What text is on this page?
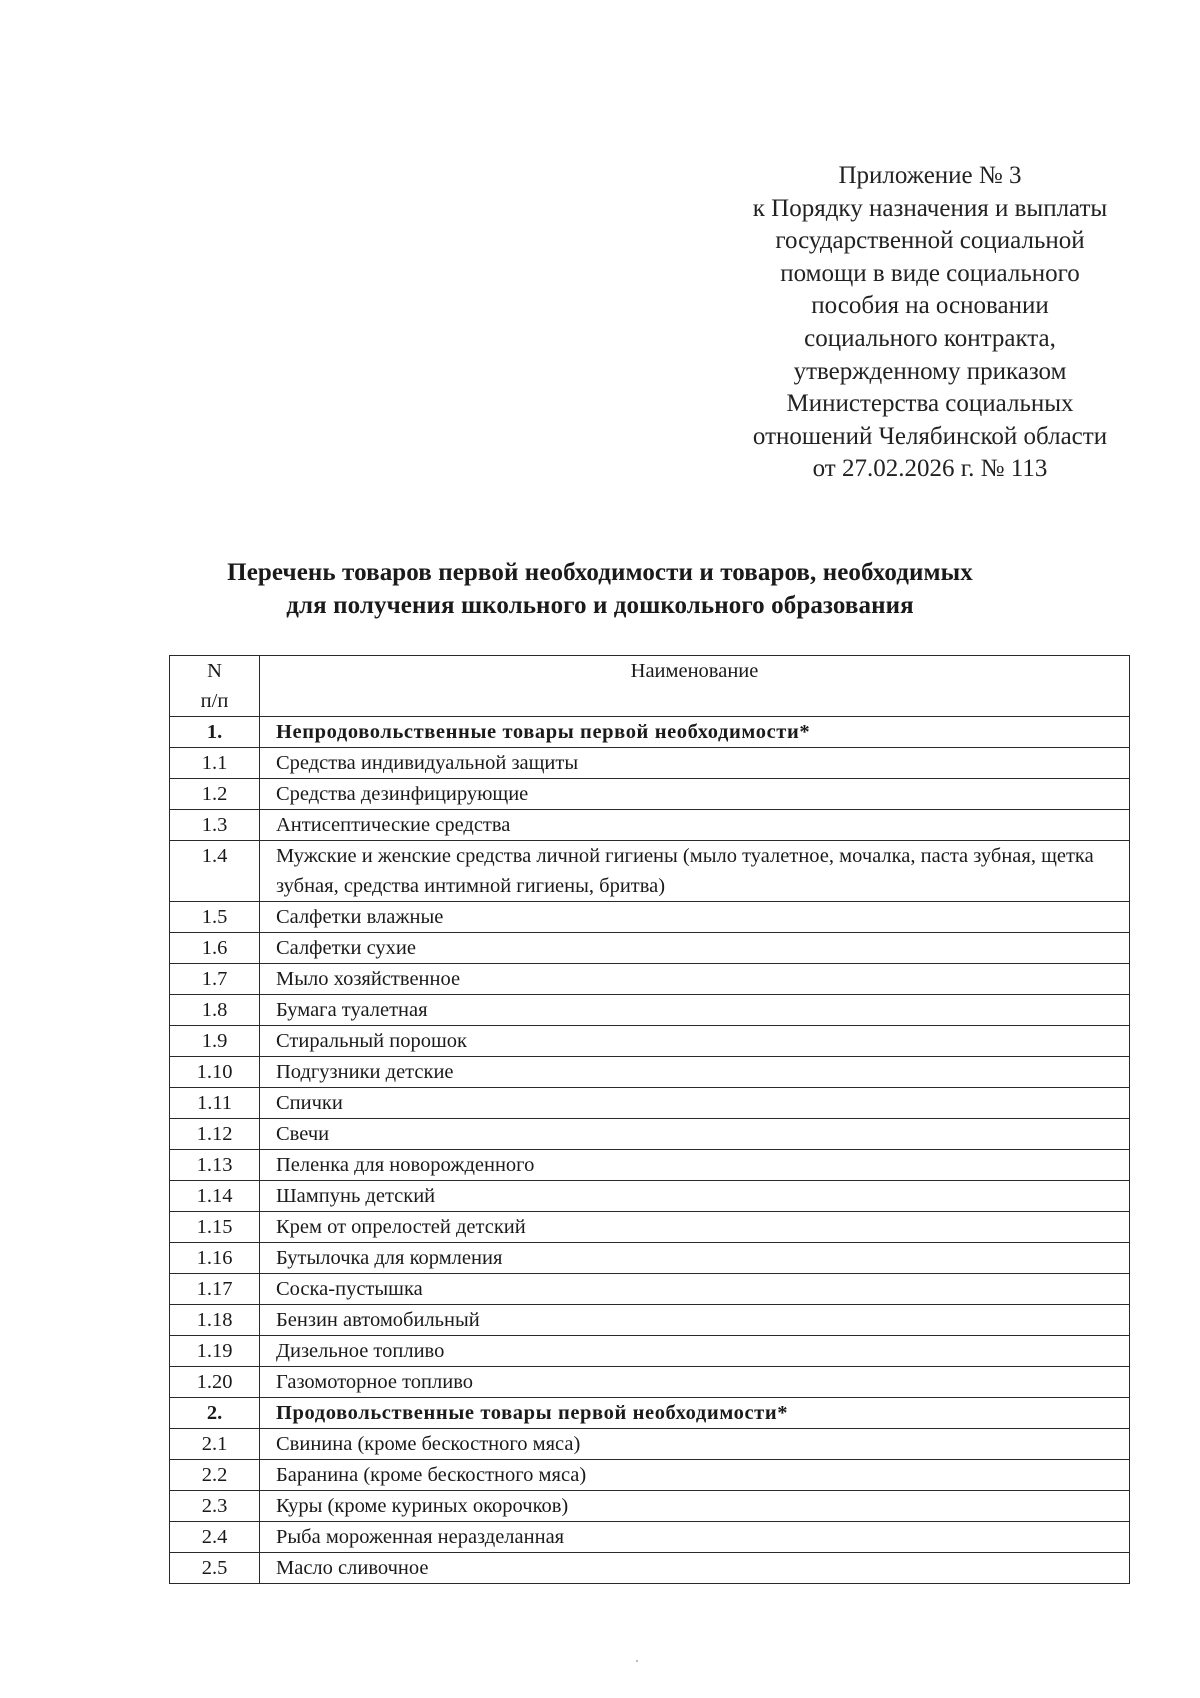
Приложение № 3
к Порядку назначения и выплаты
государственной социальной
помощи в виде социального
пособия на основании
социального контракта,
утвержденному приказом
Министерства социальных
отношений Челябинской области
от 27.02.2026 г. № 113
Перечень товаров первой необходимости и товаров, необходимых
для получения школьного и дошкольного образования
N
п/п	Наименование
1.	Непродовольственные товары первой необходимости*
1.1	Средства индивидуальной защиты
1.2	Средства дезинфицирующие
1.3	Антисептические средства
1.4	Мужские и женские средства личной гигиены (мыло туалетное, мочалка, паста зубная, щетка зубная, средства интимной гигиены, бритва)
1.5	Салфетки влажные
1.6	Салфетки сухие
1.7	Мыло хозяйственное
1.8	Бумага туалетная
1.9	Стиральный порошок
1.10	Подгузники детские
1.11	Спички
1.12	Свечи
1.13	Пеленка для новорожденного
1.14	Шампунь детский
1.15	Крем от опрелостей детский
1.16	Бутылочка для кормления
1.17	Соска-пустышка
1.18	Бензин автомобильный
1.19	Дизельное топливо
1.20	Газомоторное топливо
2.	Продовольственные товары первой необходимости*
2.1	Свинина (кроме бескостного мяса)
2.2	Баранина (кроме бескостного мяса)
2.3	Куры (кроме куриных окорочков)
2.4	Рыба мороженная неразделанная
2.5	Масло сливочное
